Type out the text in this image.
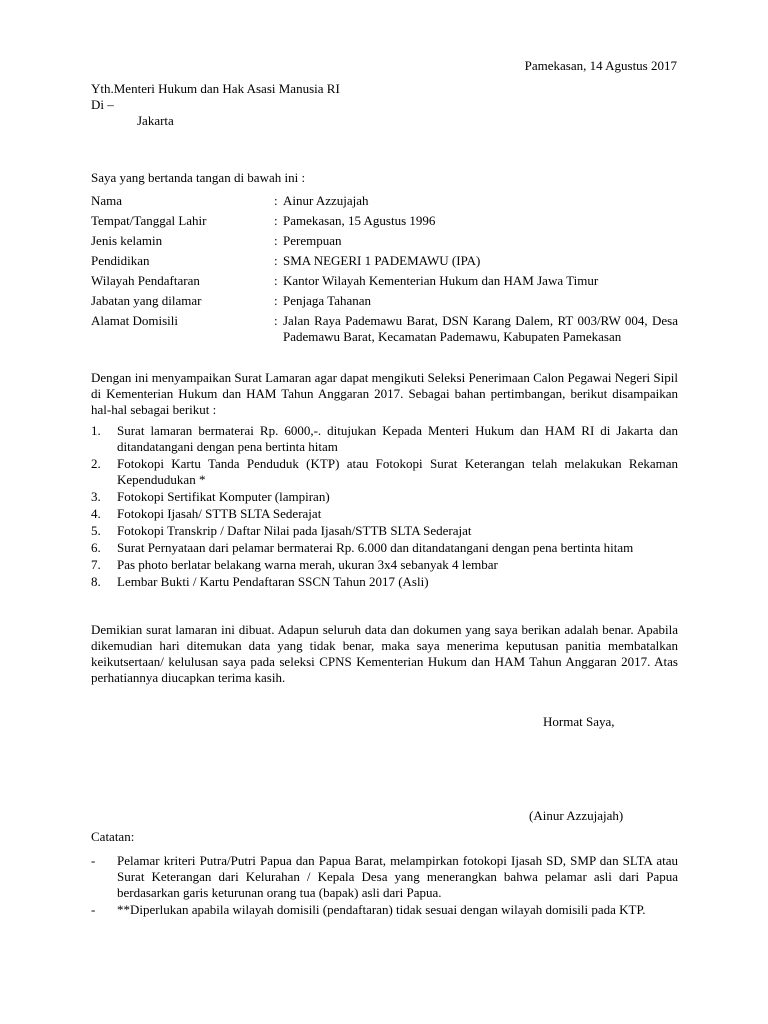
Pamekasan, 14 Agustus 2017
Yth.Menteri Hukum dan Hak Asasi Manusia RI
Di –
Jakarta
Saya yang bertanda tangan di bawah ini :
Nama	: Ainur Azzujajah
Tempat/Tanggal Lahir	: Pamekasan, 15 Agustus 1996
Jenis kelamin	: Perempuan
Pendidikan	: SMA NEGERI 1 PADEMAWU (IPA)
Wilayah Pendaftaran	: Kantor Wilayah Kementerian Hukum dan HAM Jawa Timur
Jabatan yang dilamar	: Penjaga Tahanan
Alamat Domisili	: Jalan Raya Pademawu Barat, DSN Karang Dalem, RT 003/RW 004, Desa Pademawu Barat, Kecamatan Pademawu, Kabupaten Pamekasan
Dengan ini menyampaikan Surat Lamaran agar dapat mengikuti Seleksi Penerimaan Calon Pegawai Negeri Sipil di Kementerian Hukum dan HAM Tahun Anggaran 2017. Sebagai bahan pertimbangan, berikut disampaikan hal-hal sebagai berikut :
1.	Surat lamaran bermaterai Rp. 6000,-. ditujukan Kepada Menteri Hukum dan HAM RI di Jakarta dan ditandatangani dengan pena bertinta hitam
2.	Fotokopi Kartu Tanda Penduduk (KTP) atau Fotokopi Surat Keterangan telah melakukan Rekaman Kependudukan *
3.	Fotokopi Sertifikat Komputer (lampiran)
4.	Fotokopi Ijasah/ STTB SLTA Sederajat
5.	Fotokopi Transkrip / Daftar Nilai pada Ijasah/STTB SLTA Sederajat
6.	Surat Pernyataan dari pelamar bermaterai Rp. 6.000 dan ditandatangani dengan pena bertinta hitam
7.	Pas photo berlatar belakang warna merah, ukuran 3x4 sebanyak 4 lembar
8.	Lembar Bukti / Kartu Pendaftaran SSCN Tahun 2017 (Asli)
Demikian surat lamaran ini dibuat. Adapun seluruh data dan dokumen yang saya berikan adalah benar. Apabila dikemudian hari ditemukan data yang tidak benar, maka saya menerima keputusan panitia membatalkan keikutsertaan/ kelulusan saya pada seleksi CPNS Kementerian Hukum dan HAM Tahun Anggaran 2017. Atas perhatiannya diucapkan terima kasih.
Hormat Saya,
(Ainur Azzujajah)
Catatan:
-	Pelamar kriteri Putra/Putri Papua dan Papua Barat, melampirkan fotokopi Ijasah SD, SMP dan SLTA atau Surat Keterangan dari Kelurahan / Kepala Desa yang menerangkan bahwa pelamar asli dari Papua berdasarkan garis keturunan orang tua (bapak) asli dari Papua.
-	**Diperlukan apabila wilayah domisili (pendaftaran) tidak sesuai dengan wilayah domisili pada KTP.
